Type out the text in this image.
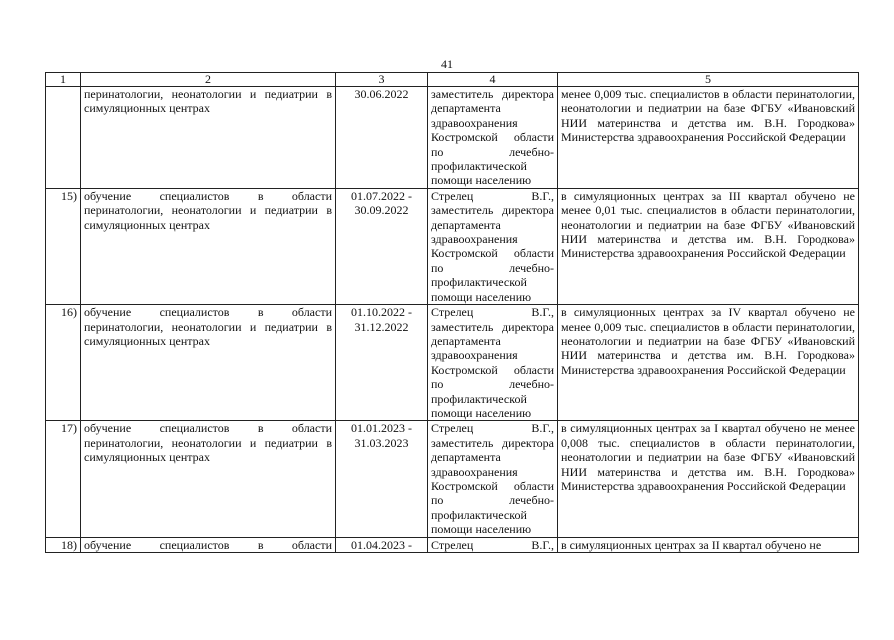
41
1	2	3	4	5
	перинатологии, неонатологии и педиатрии в симуляционных центрах	30.06.2022	заместитель директора департамента здравоохранения Костромской области по лечебно-профилактической помощи населению	менее 0,009 тыс. специалистов в области перинатологии, неонатологии и педиатрии на базе ФГБУ «Ивановский НИИ материнства и детства им. В.Н. Городкова» Министерства здравоохранения Российской Федерации
15)	обучение специалистов в области перинатологии, неонатологии и педиатрии в симуляционных центрах	01.07.2022 - 30.09.2022	Стрелец В.Г., заместитель директора департамента здравоохранения Костромской области по лечебно-профилактической помощи населению	в симуляционных центрах за III квартал обучено не менее 0,01 тыс. специалистов в области перинатологии, неонатологии и педиатрии на базе ФГБУ «Ивановский НИИ материнства и детства им. В.Н. Городкова» Министерства здравоохранения Российской Федерации
16)	обучение специалистов в области перинатологии, неонатологии и педиатрии в симуляционных центрах	01.10.2022 - 31.12.2022	Стрелец В.Г., заместитель директора департамента здравоохранения Костромской области по лечебно-профилактической помощи населению	в симуляционных центрах за IV квартал обучено не менее 0,009 тыс. специалистов в области перинатологии, неонатологии и педиатрии на базе ФГБУ «Ивановский НИИ материнства и детства им. В.Н. Городкова» Министерства здравоохранения Российской Федерации
17)	обучение специалистов в области перинатологии, неонатологии и педиатрии в симуляционных центрах	01.01.2023 - 31.03.2023	Стрелец В.Г., заместитель директора департамента здравоохранения Костромской области по лечебно-профилактической помощи населению	в симуляционных центрах за I квартал обучено не менее 0,008 тыс. специалистов в области перинатологии, неонатологии и педиатрии на базе ФГБУ «Ивановский НИИ материнства и детства им. В.Н. Городкова» Министерства здравоохранения Российской Федерации
18)	обучение специалистов в области	01.04.2023 -	Стрелец В.Г.,	в симуляционных центрах за II квартал обучено не
